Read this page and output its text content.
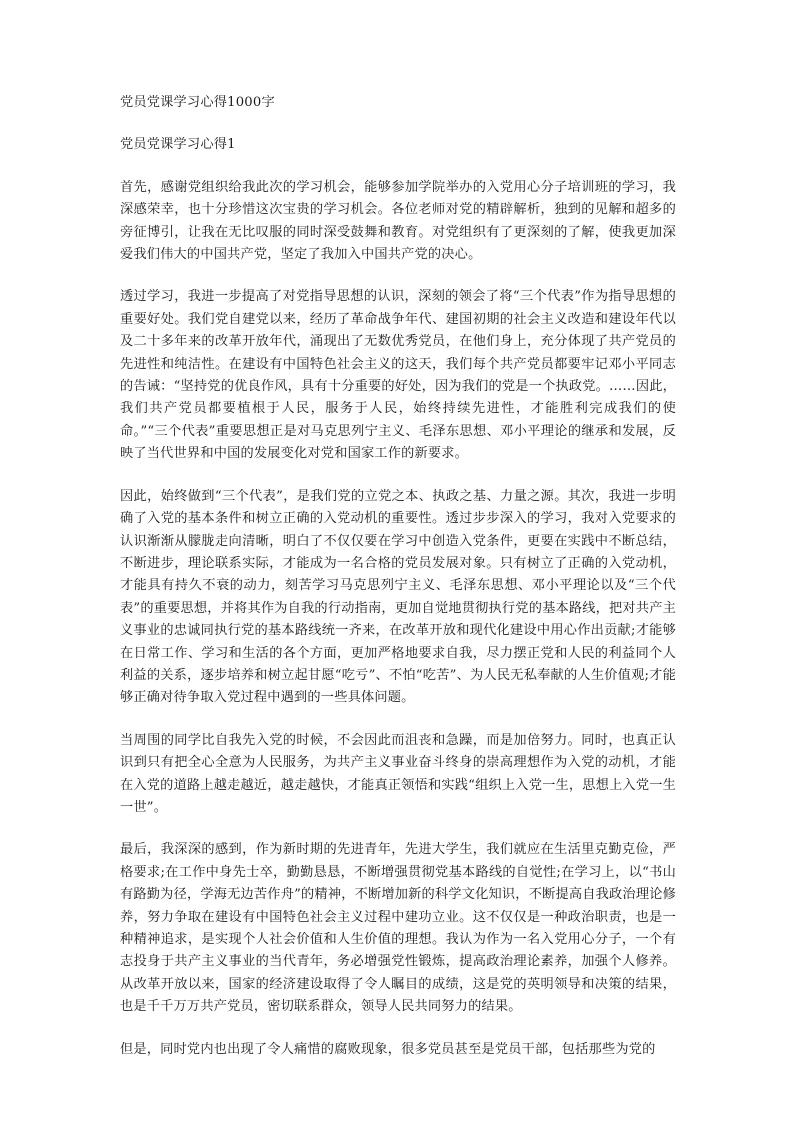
党员党课学习心得1000字

党员党课学习心得1

首先，感谢党组织给我此次的学习机会，能够参加学院举办的入党用心分子培训班的学习，我深感荣幸，也十分珍惜这次宝贵的学习机会。各位老师对党的精辟解析，独到的见解和超多的旁征博引，让我在无比叹服的同时深受鼓舞和教育。对党组织有了更深刻的了解，使我更加深爱我们伟大的中国共产党，坚定了我加入中国共产党的决心。

透过学习，我进一步提高了对党指导思想的认识，深刻的领会了将“三个代表”作为指导思想的重要好处。我们党自建党以来，经历了革命战争年代、建国初期的社会主义改造和建设年代以及二十多年来的改革开放年代，涌现出了无数优秀党员，在他们身上，充分体现了共产党员的先进性和纯洁性。在建设有中国特色社会主义的这天，我们每个共产党员都要牢记邓小平同志的告诫：“坚持党的优良作风，具有十分重要的好处，因为我们的党是一个执政党。……因此，我们共产党员都要植根于人民，服务于人民，始终持续先进性，才能胜利完成我们的使命。”“三个代表”重要思想正是对马克思列宁主义、毛泽东思想、邓小平理论的继承和发展，反映了当代世界和中国的发展变化对党和国家工作的新要求。

因此，始终做到“三个代表”，是我们党的立党之本、执政之基、力量之源。其次，我进一步明确了入党的基本条件和树立正确的入党动机的重要性。透过步步深入的学习，我对入党要求的认识渐渐从朦胧走向清晰，明白了不仅仅要在学习中创造入党条件，更要在实践中不断总结，不断进步，理论联系实际，才能成为一名合格的党员发展对象。只有树立了正确的入党动机，才能具有持久不衰的动力，刻苦学习马克思列宁主义、毛泽东思想、邓小平理论以及“三个代表”的重要思想，并将其作为自我的行动指南，更加自觉地贯彻执行党的基本路线，把对共产主义事业的忠诚同执行党的基本路线统一齐来，在改革开放和现代化建设中用心作出贡献;才能够在日常工作、学习和生活的各个方面，更加严格地要求自我，尽力摆正党和人民的利益同个人利益的关系，逐步培养和树立起甘愿“吃亏”、不怕“吃苦”、为人民无私奉献的人生价值观;才能够正确对待争取入党过程中遇到的一些具体问题。

当周围的同学比自我先入党的时候，不会因此而沮丧和急躁，而是加倍努力。同时，也真正认识到只有把全心全意为人民服务，为共产主义事业奋斗终身的崇高理想作为入党的动机，才能在入党的道路上越走越近，越走越快，才能真正领悟和实践“组织上入党一生，思想上入党一生一世”。

最后，我深深的感到，作为新时期的先进青年，先进大学生，我们就应在生活里克勤克俭，严格要求;在工作中身先士卒，勤勤恳恳，不断增强贯彻党基本路线的自觉性;在学习上，以“书山有路勤为径，学海无边苦作舟”的精神，不断增加新的科学文化知识，不断提高自我政治理论修养，努力争取在建设有中国特色社会主义过程中建功立业。这不仅仅是一种政治职责，也是一种精神追求，是实现个人社会价值和人生价值的理想。我认为作为一名入党用心分子，一个有志投身于共产主义事业的当代青年，务必增强党性锻炼，提高政治理论素养，加强个人修养。从改革开放以来，国家的经济建设取得了令人瞩目的成绩，这是党的英明领导和决策的结果，也是千千万万共产党员，密切联系群众，领导人民共同努力的结果。

但是，同时党内也出现了令人痛惜的腐败现象，很多党员甚至是党员干部，包括那些为党的
